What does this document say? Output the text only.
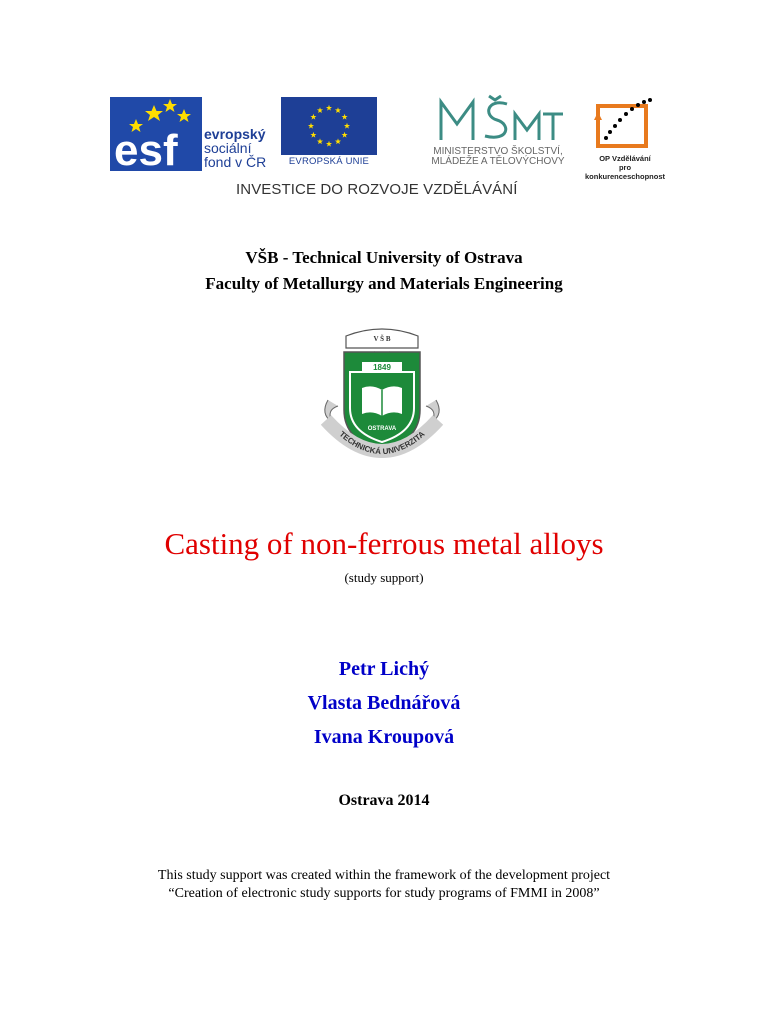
esf evropský
sociální
fond v ČR	EVROPSKÁ UNIE
MINISTERSTVO ŠKOLSTVÍ,
MLÁDEŽE A TĚLOVÝCHOVY	OP Vzdělávání
pro konkurenceschopnost
INVESTICE DO ROZVOJE VZDĚLÁVÁNÍ
VŠB - Technical University of Ostrava
Faculty of Metallurgy and Materials Engineering
V Š B
1849
OSTRAVA
TECHNICKÁ UNIVERZITA
Casting of non-ferrous metal alloys
(study support)
Petr Lichý
Vlasta Bednářová
Ivana Kroupová
Ostrava 2014
This study support was created within the framework of the development project
“Creation of electronic study supports for study programs of FMMI in 2008”
